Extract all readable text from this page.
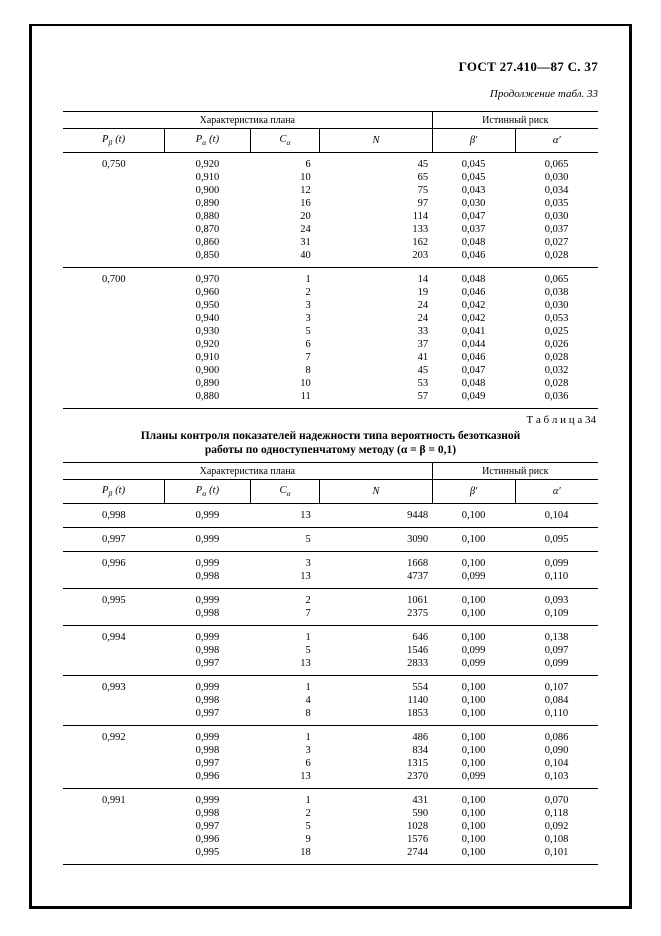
ГОСТ 27.410—87 С. 37
Продолжение табл. 33
Характеристика плана				Истинный риск	
$P_\beta$ (t)	$P_\alpha$ (t)	$C_\alpha$	N	β′	α′
0,750	0,920	6	45	0,045	0,065
	0,910	10	65	0,045	0,030
	0,900	12	75	0,043	0,034
	0,890	16	97	0,030	0,035
	0,880	20	114	0,047	0,030
	0,870	24	133	0,037	0,037
	0,860	31	162	0,048	0,027
	0,850	40	203	0,046	0,028
0,700	0,970	1	14	0,048	0,065
	0,960	2	19	0,046	0,038
	0,950	3	24	0,042	0,030
	0,940	3	24	0,042	0,053
	0,930	5	33	0,041	0,025
	0,920	6	37	0,044	0,026
	0,910	7	41	0,046	0,028
	0,900	8	45	0,047	0,032
	0,890	10	53	0,048	0,028
	0,880	11	57	0,049	0,036
Т а б л и ц а 34
Планы контроля показателей надежности типа вероятность безотказной
работы по одноступенчатому методу (α = β = 0,1)
Характеристика плана				Истинный риск	
$P_\beta$ (t)	$P_\alpha$ (t)	$C_\alpha$	N	β′	α′
0,998	0,999	13	9448	0,100	0,104
0,997	0,999	5	3090	0,100	0,095
0,996	0,999	3	1668	0,100	0,099
	0,998	13	4737	0,099	0,110
0,995	0,999	2	1061	0,100	0,093
	0,998	7	2375	0,100	0,109
0,994	0,999	1	646	0,100	0,138
	0,998	5	1546	0,099	0,097
	0,997	13	2833	0,099	0,099
0,993	0,999	1	554	0,100	0,107
	0,998	4	1140	0,100	0,084
	0,997	8	1853	0,100	0,110
0,992	0,999	1	486	0,100	0,086
	0,998	3	834	0,100	0,090
	0,997	6	1315	0,100	0,104
	0,996	13	2370	0,099	0,103
0,991	0,999	1	431	0,100	0,070
	0,998	2	590	0,100	0,118
	0,997	5	1028	0,100	0,092
	0,996	9	1576	0,100	0,108
	0,995	18	2744	0,100	0,101
